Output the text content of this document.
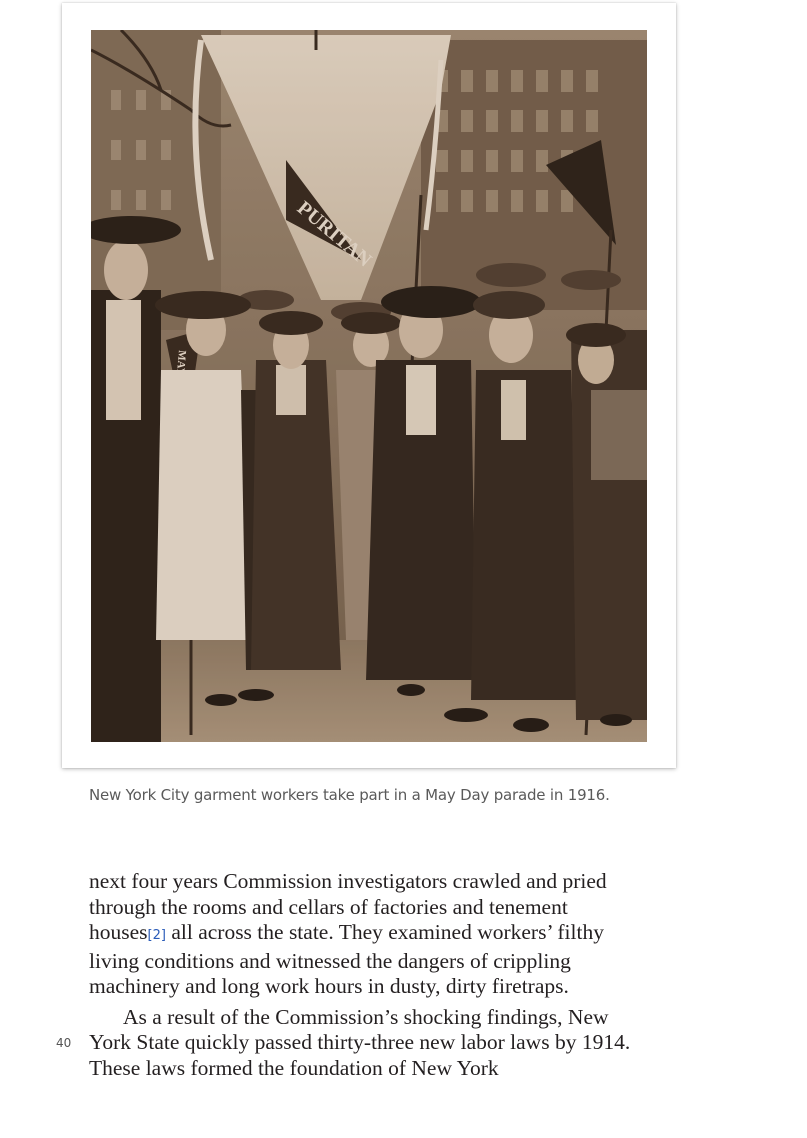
PURITAN
New York City garment workers take part in a May Day parade in 1916.

next four years Commission investigators crawled and pried through the rooms and cellars of factories and tenement houses[2] all across the state. They examined workers’ filthy living conditions and witnessed the dangers of crippling machinery and long work hours in dusty, dirty firetraps.

As a result of the Commission’s shocking findings, New York State quickly passed thirty-three new labor laws by 1914. These laws formed the foundation of New York

40
